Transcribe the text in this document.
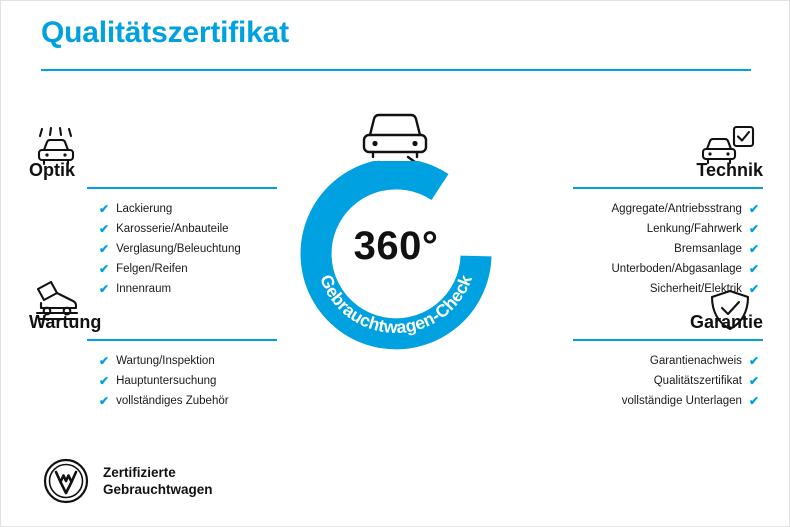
Qualitätszertifikat
Gebrauchtwagen-Check
360°
Optik
✔ Lackierung
✔ Karosserie/Anbauteile
✔ Verglasung/Beleuchtung
✔ Felgen/Reifen
✔ Innenraum
Wartung
✔ Wartung/Inspektion
✔ Hauptuntersuchung
✔ vollständiges Zubehör
Technik
Aggregate/Antriebsstrang ✔
Lenkung/Fahrwerk ✔
Bremsanlage ✔
Unterboden/Abgasanlage ✔
Sicherheit/Elektrik ✔
Garantie
Garantienachweis ✔
Qualitätszertifikat ✔
vollständige Unterlagen ✔
Zertifizierte
Gebrauchtwagen
